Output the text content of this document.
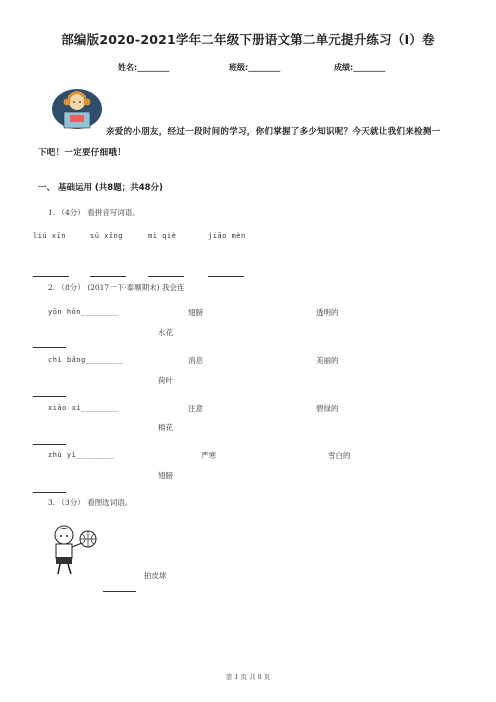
部编版2020-2021学年二年级下册语文第二单元提升练习（I）卷
姓名:________	班级:________	成绩:________
亲爱的小朋友，经过一段时间的学习，你们掌握了多少知识呢？今天就让我们来检测一
下吧！一定要仔细哦！
一、 基础运用 (共8题；共48分)
1. （4分） 看拼音写词语。
liú xīn	sū xǐng	mì qiè	jiāo mèn
2. （8分） (2017一下·泰顺期末) 我会连
yōn hōn________	翅膀	透明的
水花
chì bǎng________	消息	美丽的
荷叶
xiāo xi________	注意	碧绿的
棉花
zhù yì________	严寒	雪白的
翅膀
3. （3分） 看图选词语。
拍皮球
第 1 页 共 8 页
